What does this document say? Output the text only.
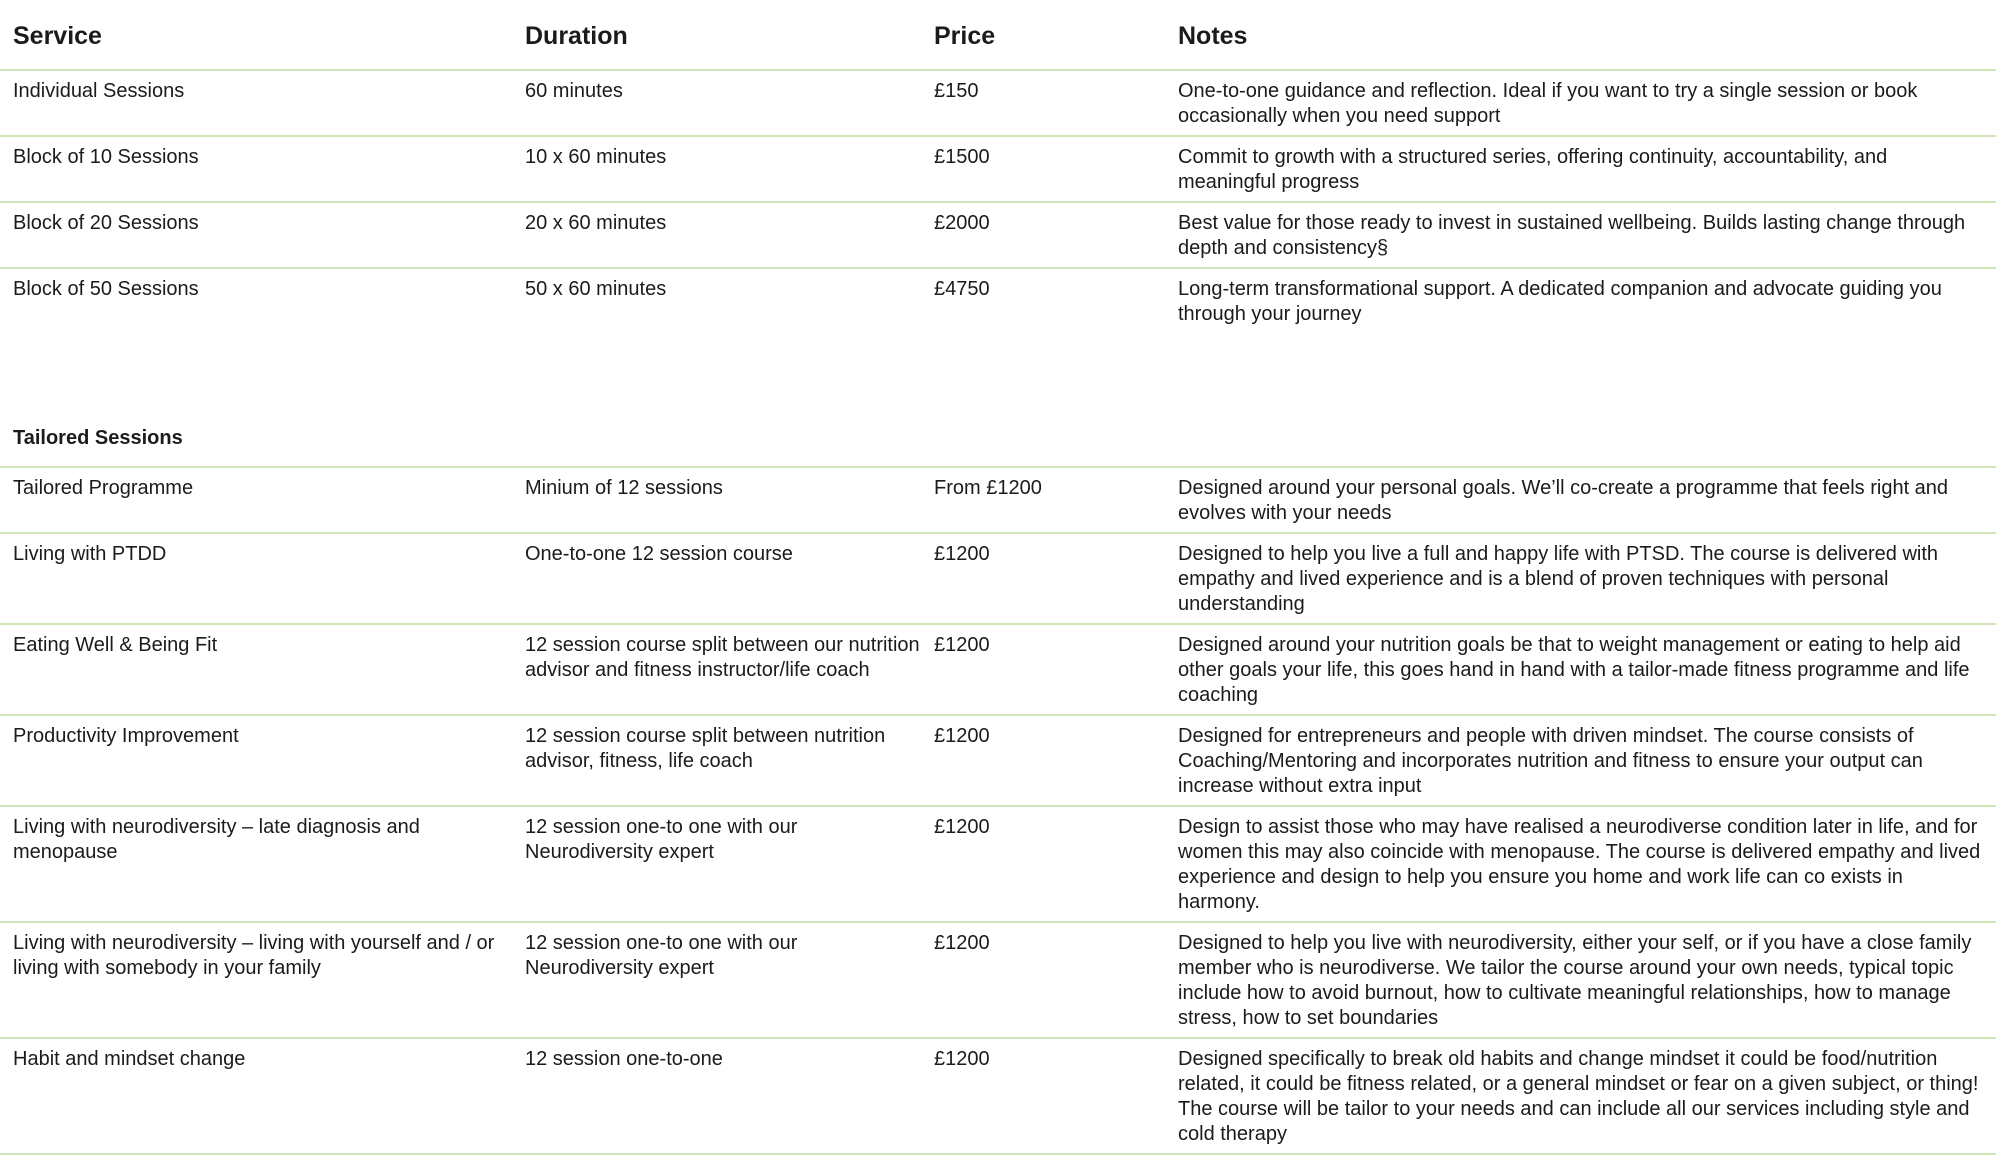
Service	Duration	Price	Notes
Individual Sessions	60 minutes	£150	One-to-one guidance and reflection. Ideal if you want to try a single session or book occasionally when you need support
Block of 10 Sessions	10 x 60 minutes	£1500	Commit to growth with a structured series, offering continuity, accountability, and meaningful progress
Block of 20 Sessions	20 x 60 minutes	£2000	Best value for those ready to invest in sustained wellbeing. Builds lasting change through depth and consistency§
Block of 50 Sessions	50 x 60 minutes	£4750	Long-term transformational support. A dedicated companion and advocate guiding you through your journey

Tailored Sessions			
Tailored Programme	Minium of 12 sessions	From £1200	Designed around your personal goals. We’ll co-create a programme that feels right and evolves with your needs
Living with PTDD	One-to-one 12 session course	£1200	Designed to help you live a full and happy life with PTSD. The course is delivered with empathy and lived experience and is a blend of proven techniques with personal understanding
Eating Well & Being Fit	12 session course split between our nutrition advisor and fitness instructor/life coach	£1200	Designed around your nutrition goals be that to weight management or eating to help aid other goals your life, this goes hand in hand with a tailor-made fitness programme and life coaching
Productivity Improvement	12 session course split between nutrition advisor, fitness, life coach	£1200	Designed for entrepreneurs and people with driven mindset. The course consists of Coaching/Mentoring and incorporates nutrition and fitness to ensure your output can increase without extra input
Living with neurodiversity – late diagnosis and menopause	12 session one-to one with our Neurodiversity expert	£1200	Design to assist those who may have realised a neurodiverse condition later in life, and for women this may also coincide with menopause. The course is delivered empathy and lived experience and design to help you ensure you home and work life can co exists in harmony.
Living with neurodiversity – living with yourself and / or living with somebody in your family	12 session one-to one with our Neurodiversity expert	£1200	Designed to help you live with neurodiversity, either your self, or if you have a close family member who is neurodiverse. We tailor the course around your own needs, typical topic include how to avoid burnout, how to cultivate meaningful relationships, how to manage stress, how to set boundaries
Habit and mindset change	12 session one-to-one	£1200	Designed specifically to break old habits and change mindset it could be food/nutrition related, it could be fitness related, or a general mindset or fear on a given subject, or thing! The course will be tailor to your needs and can include all our services including style and cold therapy
